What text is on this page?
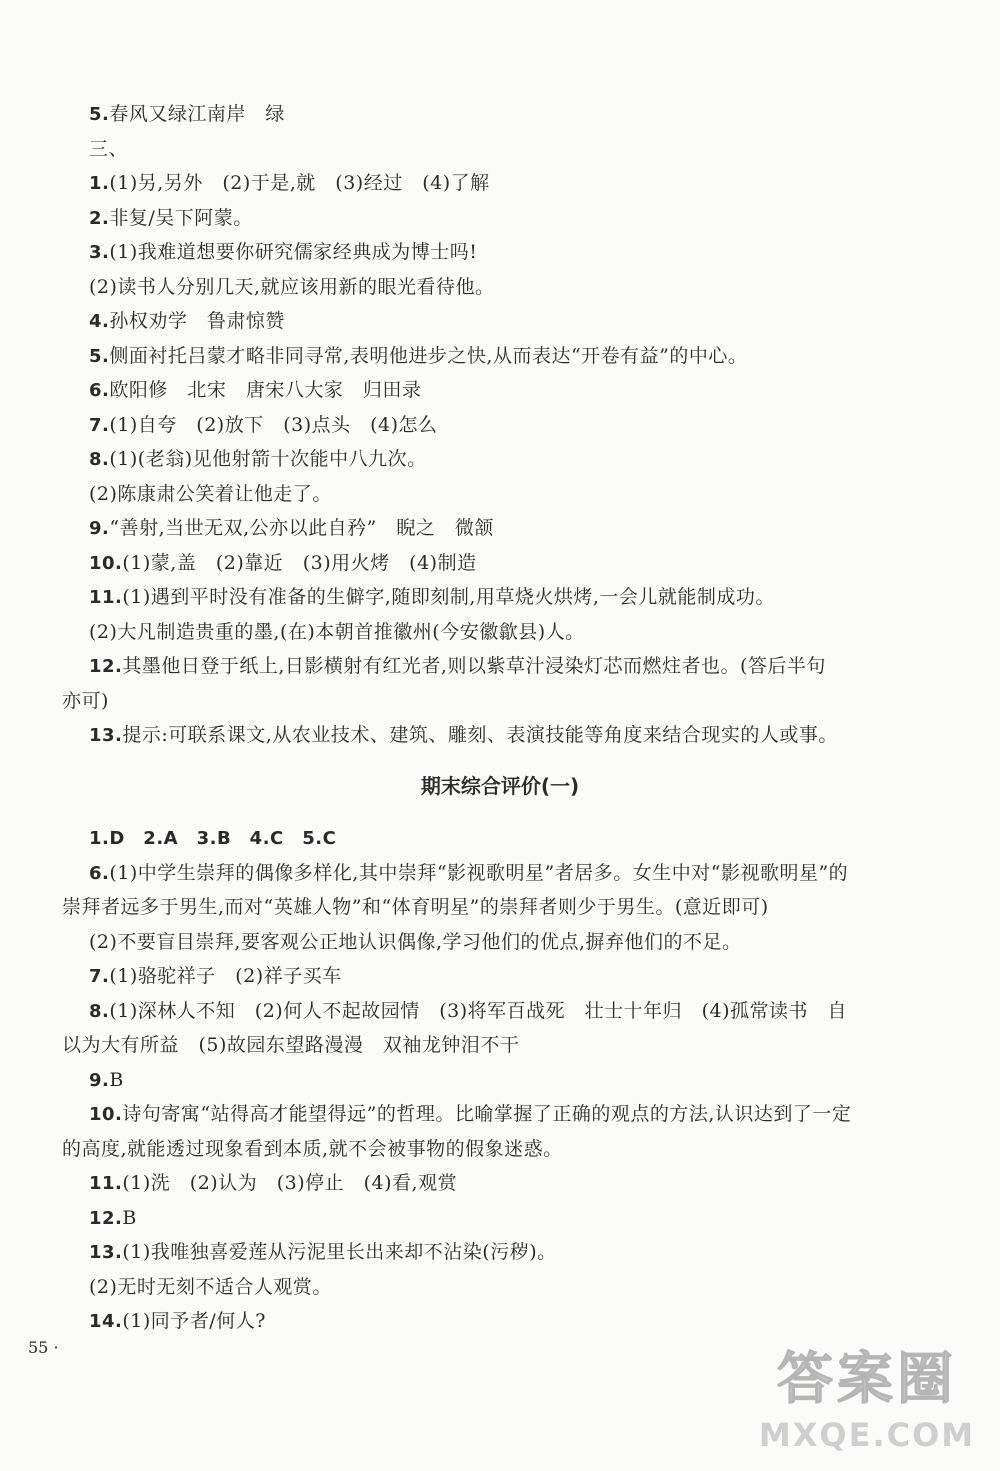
5.春风又绿江南岸　绿
三、
1.(1)另,另外　(2)于是,就　(3)经过　(4)了解
2.非复/吴下阿蒙。
3.(1)我难道想要你研究儒家经典成为博士吗!
(2)读书人分别几天,就应该用新的眼光看待他。
4.孙权劝学　鲁肃惊赞
5.侧面衬托吕蒙才略非同寻常,表明他进步之快,从而表达“开卷有益”的中心。
6.欧阳修　北宋　唐宋八大家　归田录
7.(1)自夸　(2)放下　(3)点头　(4)怎么
8.(1)(老翁)见他射箭十次能中八九次。
(2)陈康肃公笑着让他走了。
9.“善射,当世无双,公亦以此自矜”　睨之　微颔
10.(1)蒙,盖　(2)靠近　(3)用火烤　(4)制造
11.(1)遇到平时没有准备的生僻字,随即刻制,用草烧火烘烤,一会儿就能制成功。
(2)大凡制造贵重的墨,(在)本朝首推徽州(今安徽歙县)人。
12.其墨他日登于纸上,日影横射有红光者,则以紫草汁浸染灯芯而燃炷者也。(答后半句
亦可)
13.提示:可联系课文,从农业技术、建筑、雕刻、表演技能等角度来结合现实的人或事。
期末综合评价(一)
1.D　2.A　3.B　4.C　5.C
6.(1)中学生崇拜的偶像多样化,其中崇拜“影视歌明星”者居多。女生中对“影视歌明星”的
崇拜者远多于男生,而对“英雄人物”和“体育明星”的崇拜者则少于男生。(意近即可)
(2)不要盲目崇拜,要客观公正地认识偶像,学习他们的优点,摒弃他们的不足。
7.(1)骆驼祥子　(2)祥子买车
8.(1)深林人不知　(2)何人不起故园情　(3)将军百战死　壮士十年归　(4)孤常读书　自
以为大有所益　(5)故园东望路漫漫　双袖龙钟泪不干
9.B
10.诗句寄寓“站得高才能望得远”的哲理。比喻掌握了正确的观点的方法,认识达到了一定
的高度,就能透过现象看到本质,就不会被事物的假象迷惑。
11.(1)洗　(2)认为　(3)停止　(4)看,观赏
12.B
13.(1)我唯独喜爱莲从污泥里长出来却不沾染(污秽)。
(2)无时无刻不适合人观赏。
14.(1)同予者/何人?
55 ·	答案圈
MXQE.COM
